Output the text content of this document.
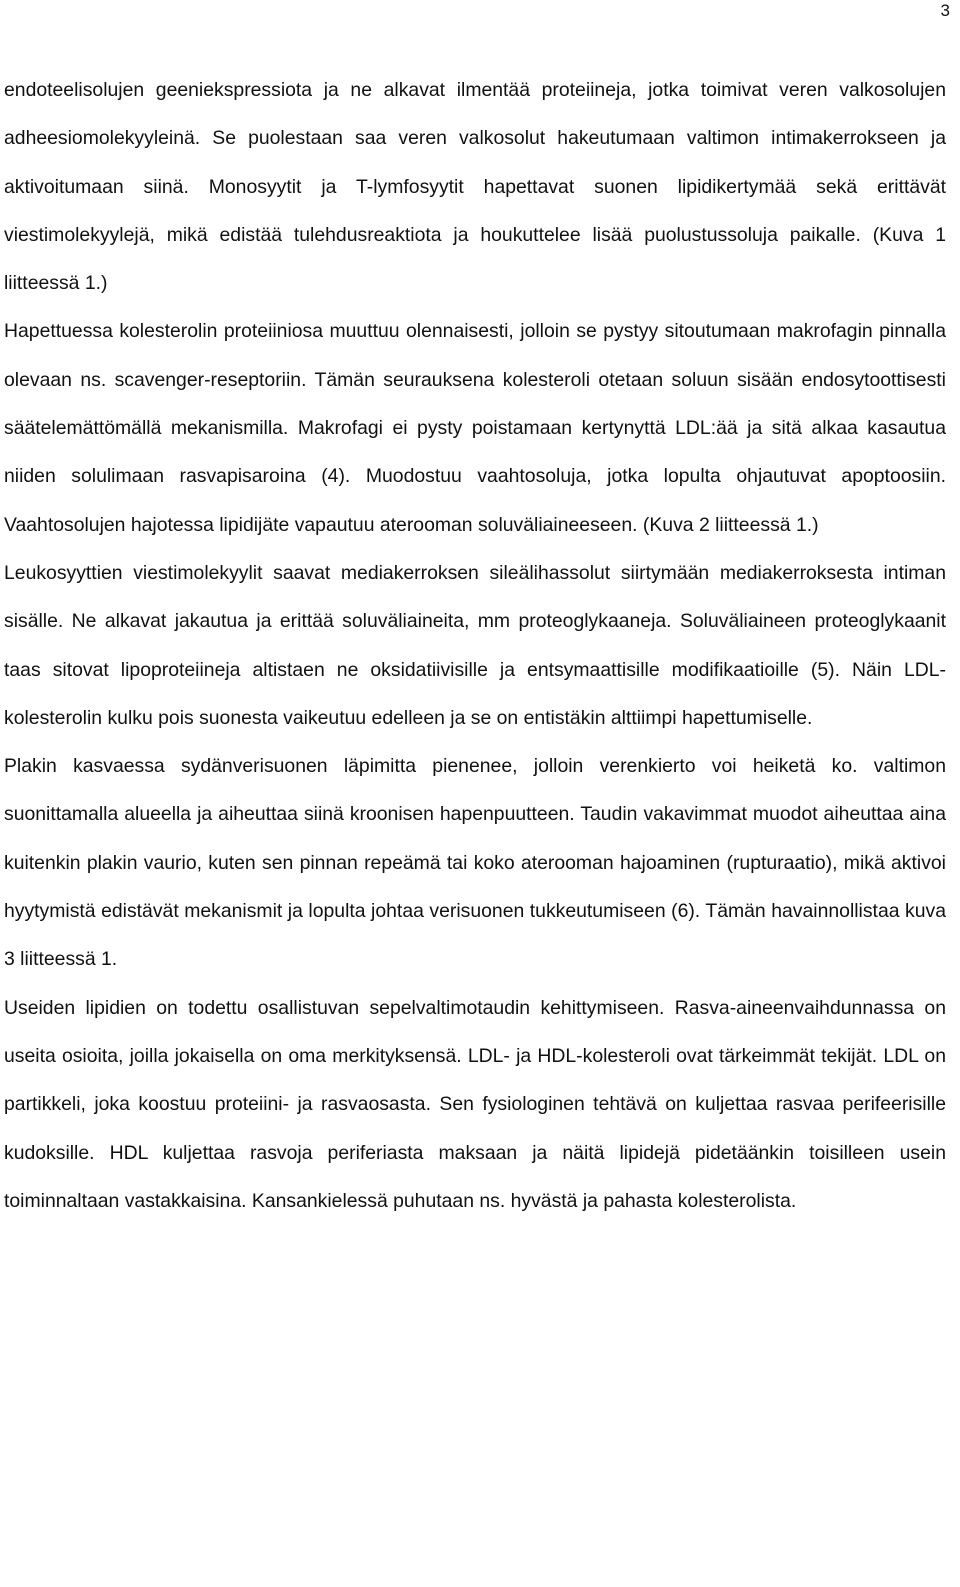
3

endoteelisolujen geeniekspressiota ja ne alkavat ilmentää proteiineja, jotka toimivat veren valkosolujen adheesiomolekyyleinä. Se puolestaan saa veren valkosolut hakeutumaan valtimon intimakerrokseen ja aktivoitumaan siinä. Monosyytit ja T-lymfosyytit hapettavat suonen lipidikertymää sekä erittävät viestimolekyylejä, mikä edistää tulehdusreaktiota ja houkuttelee lisää puolustussoluja paikalle. (Kuva 1 liitteessä 1.)

Hapettuessa kolesterolin proteiiniosa muuttuu olennaisesti, jolloin se pystyy sitoutumaan makrofagin pinnalla olevaan ns. scavenger-reseptoriin. Tämän seurauksena kolesteroli otetaan soluun sisään endosytoottisesti säätelemättömällä mekanismilla. Makrofagi ei pysty poistamaan kertynyttä LDL:ää ja sitä alkaa kasautua niiden solulimaan rasvapisaroina (4). Muodostuu vaahtosoluja, jotka lopulta ohjautuvat apoptoosiin. Vaahtosolujen hajotessa lipidijäte vapautuu aterooman soluväliaineeseen. (Kuva 2 liitteessä 1.)

Leukosyyttien viestimolekyylit saavat mediakerroksen sileälihassolut siirtymään mediakerroksesta intiman sisälle. Ne alkavat jakautua ja erittää soluväliaineita, mm proteoglykaaneja. Soluväliaineen proteoglykaanit taas sitovat lipoproteiineja altistaen ne oksidatiivisille ja entsymaattisille modifikaatioille (5). Näin LDL-kolesterolin kulku pois suonesta vaikeutuu edelleen ja se on entistäkin alttiimpi hapettumiselle.

Plakin kasvaessa sydänverisuonen läpimitta pienenee, jolloin verenkierto voi heiketä ko. valtimon suonittamalla alueella ja aiheuttaa siinä kroonisen hapenpuutteen. Taudin vakavimmat muodot aiheuttaa aina kuitenkin plakin vaurio, kuten sen pinnan repeämä tai koko aterooman hajoaminen (rupturaatio), mikä aktivoi hyytymistä edistävät mekanismit ja lopulta johtaa verisuonen tukkeutumiseen (6). Tämän havainnollistaa kuva 3 liitteessä 1.

Useiden lipidien on todettu osallistuvan sepelvaltimotaudin kehittymiseen. Rasva-aineenvaihdunnassa on useita osioita, joilla jokaisella on oma merkityksensä. LDL- ja HDL-kolesteroli ovat tärkeimmät tekijät. LDL on partikkeli, joka koostuu proteiini- ja rasvaosasta. Sen fysiologinen tehtävä on kuljettaa rasvaa perifeerisille kudoksille. HDL kuljettaa rasvoja periferiasta maksaan ja näitä lipidejä pidetäänkin toisilleen usein toiminnaltaan vastakkaisina. Kansankielessä puhutaan ns. hyvästä ja pahasta kolesterolista.
